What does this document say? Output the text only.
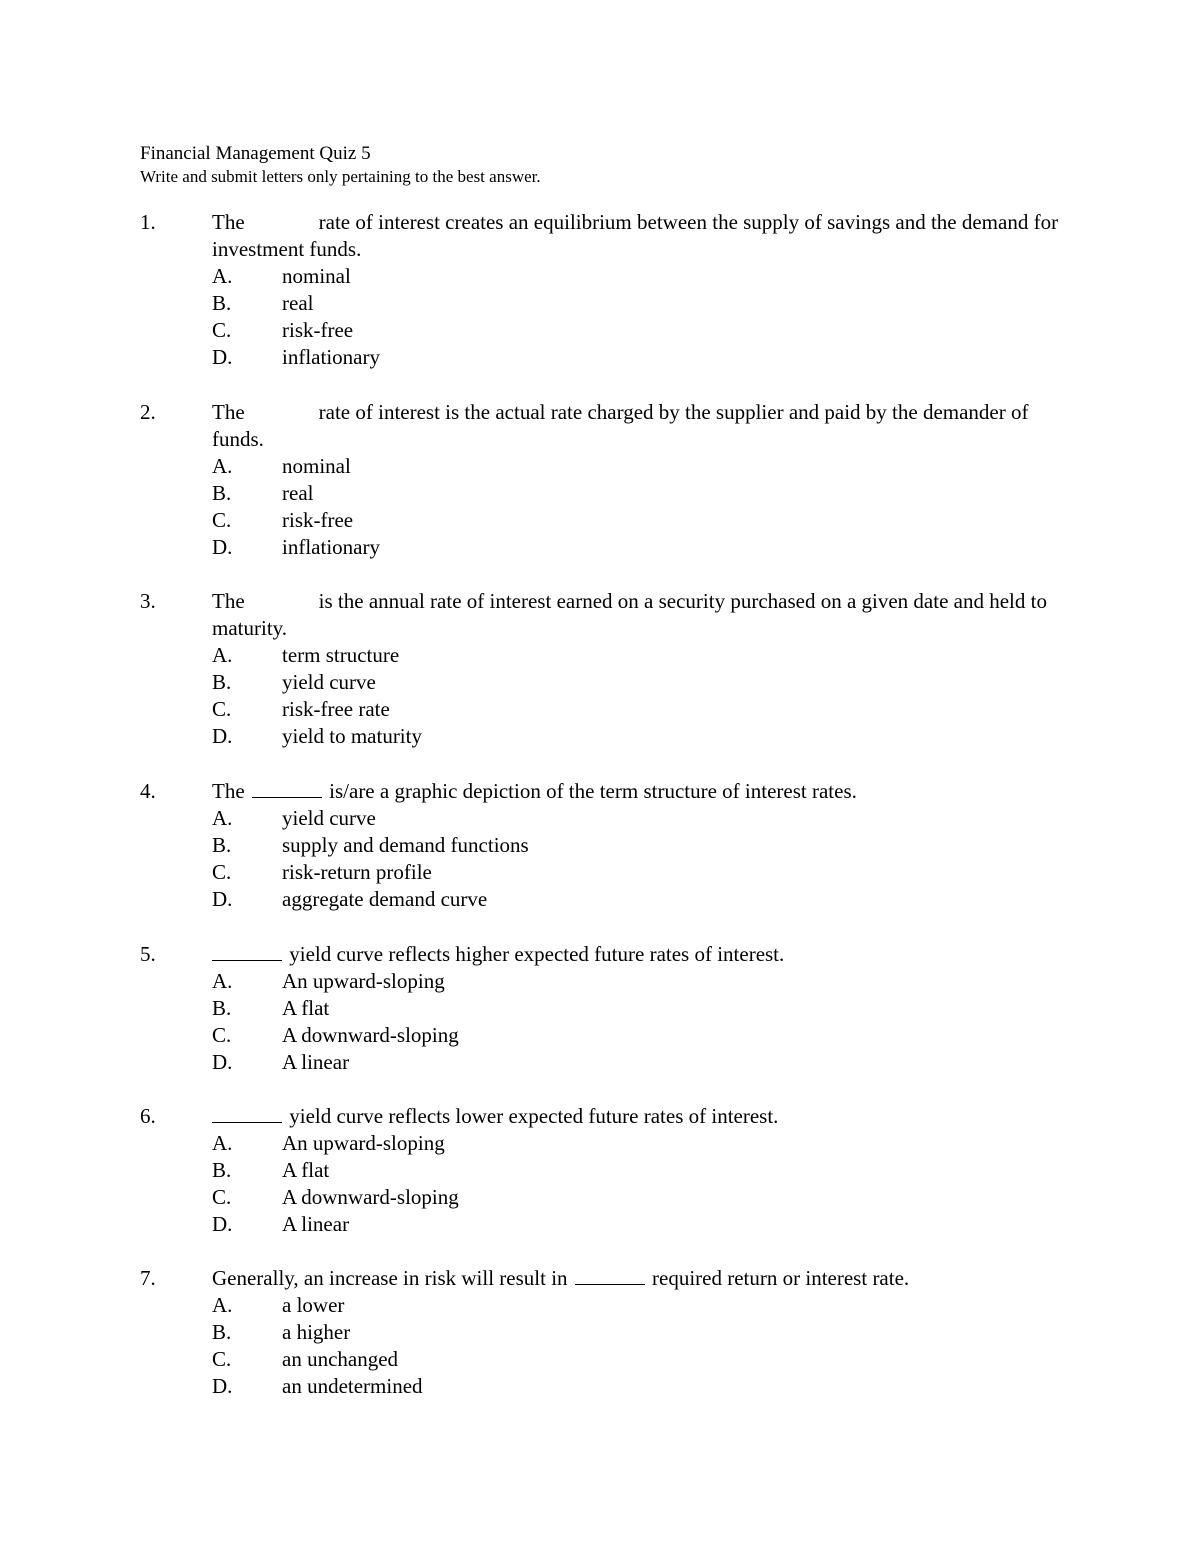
Financial Management Quiz 5
Write and submit letters only pertaining to the best answer.
1.	The	rate of interest creates an equilibrium between the supply of savings and the demand for investment funds.
A.	nominal
B.	real
C.	risk-free
D.	inflationary
2.	The	rate of interest is the actual rate charged by the supplier and paid by the demander of funds.
A.	nominal
B.	real
C.	risk-free
D.	inflationary
3.	The	is the annual rate of interest earned on a security purchased on a given date and held to maturity.
A.	term structure
B.	yield curve
C.	risk-free rate
D.	yield to maturity
4.	The	is/are a graphic depiction of the term structure of interest rates.
A.	yield curve
B.	supply and demand functions
C.	risk-return profile
D.	aggregate demand curve
5.	yield curve reflects higher expected future rates of interest.
A.	An upward-sloping
B.	A flat
C.	A downward-sloping
D.	A linear
6.	yield curve reflects lower expected future rates of interest.
A.	An upward-sloping
B.	A flat
C.	A downward-sloping
D.	A linear
7.	Generally, an increase in risk will result in	required return or interest rate.
A.	a lower
B.	a higher
C.	an unchanged
D.	an undetermined
